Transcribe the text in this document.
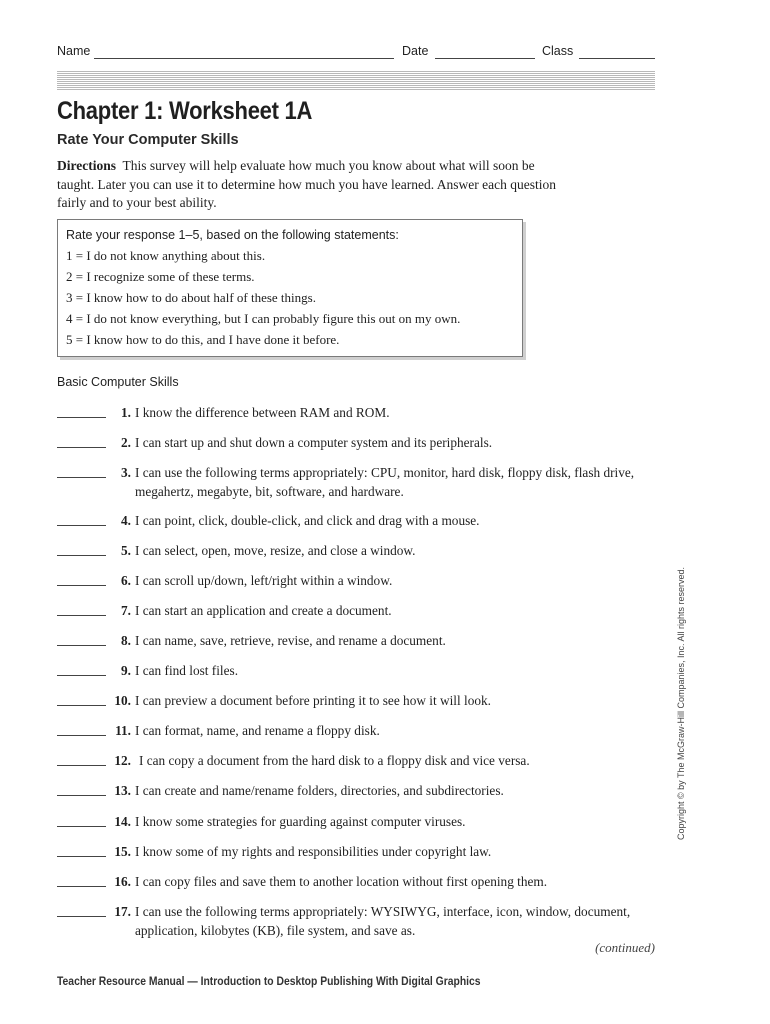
Name	Date	Class
Chapter 1: Worksheet 1A
Rate Your Computer Skills
Directions This survey will help evaluate how much you know about what will soon be taught. Later you can use it to determine how much you have learned. Answer each question fairly and to your best ability.
Rate your response 1–5, based on the following statements:
1 = I do not know anything about this.
2 = I recognize some of these terms.
3 = I know how to do about half of these things.
4 = I do not know everything, but I can probably figure this out on my own.
5 = I know how to do this, and I have done it before.
Basic Computer Skills
1. I know the difference between RAM and ROM.
2. I can start up and shut down a computer system and its peripherals.
3. I can use the following terms appropriately: CPU, monitor, hard disk, floppy disk, flash drive, megahertz, megabyte, bit, software, and hardware.
4. I can point, click, double-click, and click and drag with a mouse.
5. I can select, open, move, resize, and close a window.
6. I can scroll up/down, left/right within a window.
7. I can start an application and create a document.
8. I can name, save, retrieve, revise, and rename a document.
9. I can find lost files.
10. I can preview a document before printing it to see how it will look.
11. I can format, name, and rename a floppy disk.
12. I can copy a document from the hard disk to a floppy disk and vice versa.
13. I can create and name/rename folders, directories, and subdirectories.
14. I know some strategies for guarding against computer viruses.
15. I know some of my rights and responsibilities under copyright law.
16. I can copy files and save them to another location without first opening them.
17. I can use the following terms appropriately: WYSIWYG, interface, icon, window, document, application, kilobytes (KB), file system, and save as.
(continued)
Teacher Resource Manual — Introduction to Desktop Publishing With Digital Graphics
Copyright © by The McGraw-Hill Companies, Inc. All rights reserved.
